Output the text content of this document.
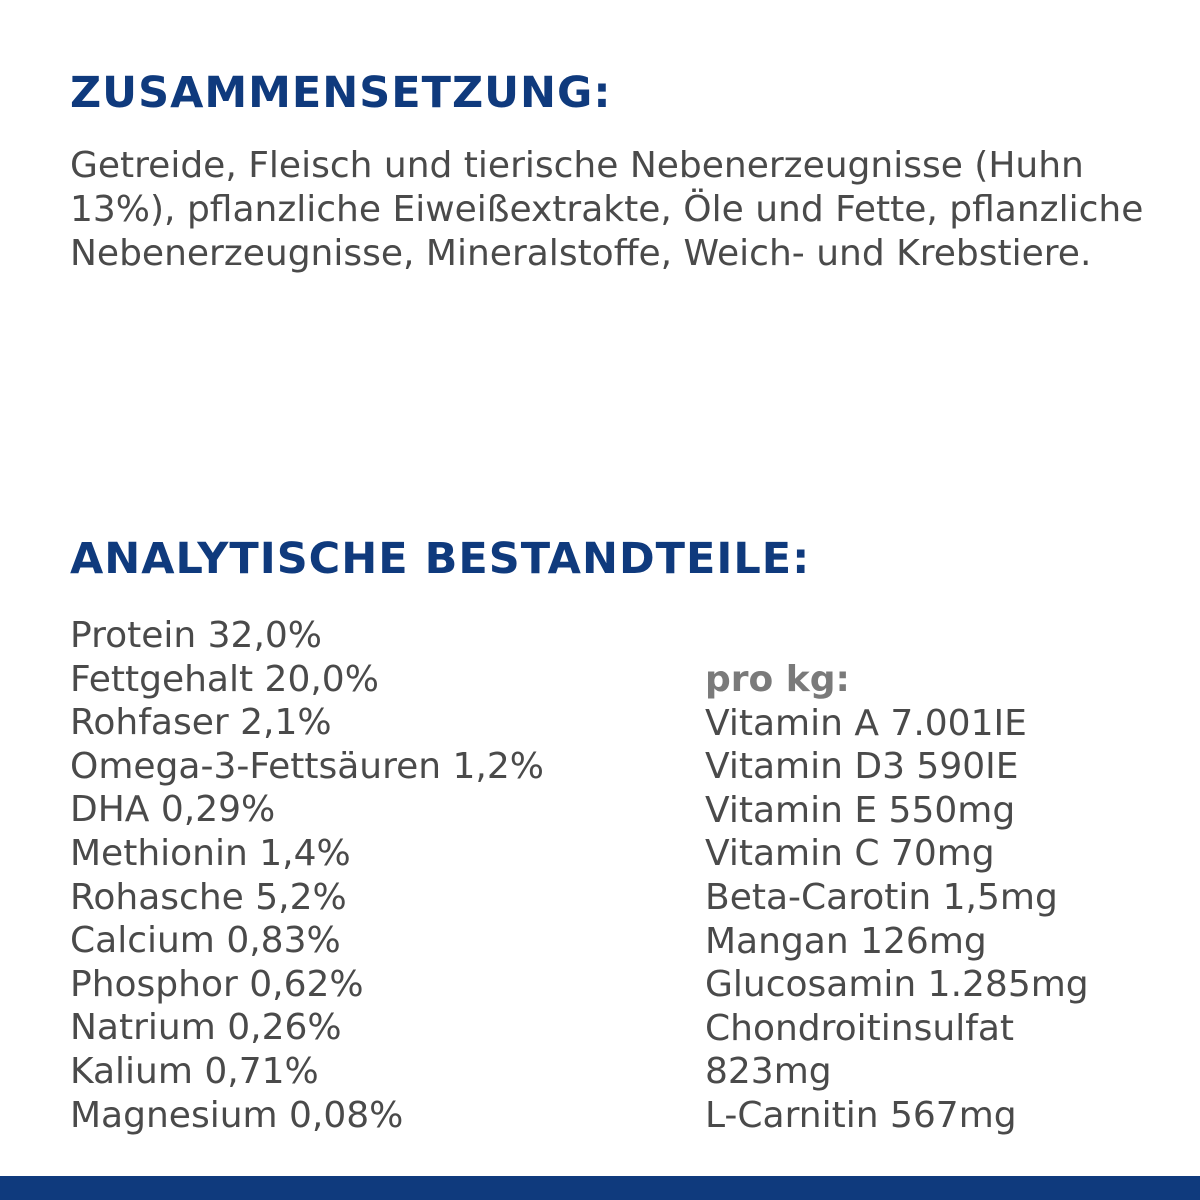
ZUSAMMENSETZUNG:

Getreide, Fleisch und tierische Nebenerzeugnisse (Huhn 13%), pflanzliche Eiweißextrakte, Öle und Fette, pflanzliche Nebenerzeugnisse, Mineralstoffe, Weich- und Krebstiere.

ANALYTISCHE BESTANDTEILE:
Protein 32,0%
Fettgehalt 20,0%
Rohfaser 2,1%
Omega-3-Fettsäuren 1,2%
DHA 0,29%
Methionin 1,4%
Rohasche 5,2%
Calcium 0,83%
Phosphor 0,62%
Natrium 0,26%
Kalium 0,71%
Magnesium 0,08%
pro kg:
Vitamin A 7.001IE
Vitamin D3 590IE
Vitamin E 550mg
Vitamin C 70mg
Beta-Carotin 1,5mg
Mangan 126mg
Glucosamin 1.285mg
Chondroitinsulfat
823mg
L-Carnitin 567mg
